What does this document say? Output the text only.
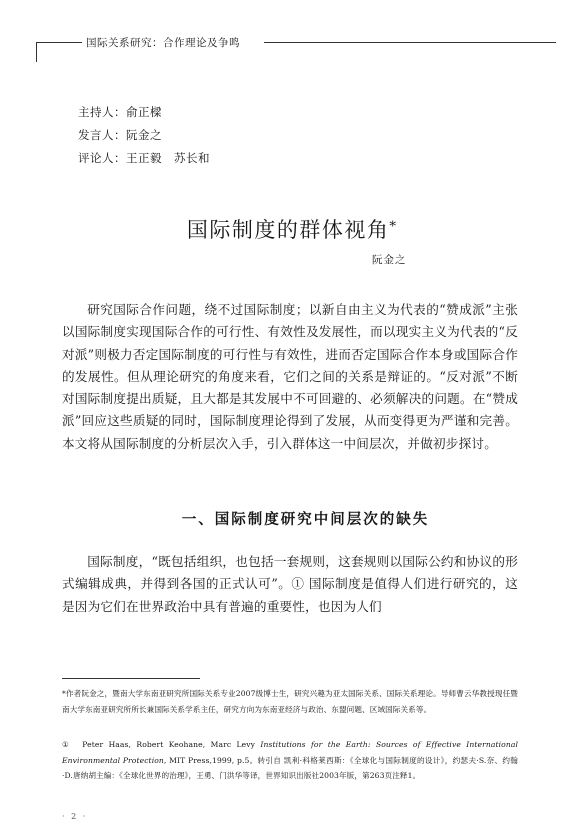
国际关系研究：合作理论及争鸣
主持人：俞正樑
发言人：阮金之
评论人：王正毅　苏长和
国际制度的群体视角*
阮金之
研究国际合作问题，绕不过国际制度；以新自由主义为代表的“赞成派”主张以国际制度实现国际合作的可行性、有效性及发展性，而以现实主义为代表的“反对派”则极力否定国际制度的可行性与有效性，进而否定国际合作本身或国际合作的发展性。但从理论研究的角度来看，它们之间的关系是辩证的。“反对派”不断对国际制度提出质疑，且大都是其发展中不可回避的、必须解决的问题。在“赞成派”回应这些质疑的同时，国际制度理论得到了发展，从而变得更为严谨和完善。本文将从国际制度的分析层次入手，引入群体这一中间层次，并做初步探讨。
一、国际制度研究中间层次的缺失
国际制度，“既包括组织，也包括一套规则，这套规则以国际公约和协议的形式编辑成典，并得到各国的正式认可”。① 国际制度是值得人们进行研究的，这是因为它们在世界政治中具有普遍的重要性，也因为人们
*作者阮金之，暨南大学东南亚研究所国际关系专业2007级博士生，研究兴趣为亚太国际关系、国际关系理论。导师曹云华教授现任暨南大学东南亚研究所所长兼国际关系学系主任，研究方向为东南亚经济与政治、东盟问题、区域国际关系等。
①　Peter Haas, Robert Keohane, Marc Levy Institutions for the Earth: Sources of Effective International Environmental Protection, MIT Press,1999, p.5。转引自 凯利·科格莱西斯：《全球化与国际制度的设计》，约瑟夫·S.奈、约翰·D.唐纳胡主编：《全球化世界的治理》，王勇、门洪华等译，世界知识出版社2003年版，第263页注释1。
· 2 ·
